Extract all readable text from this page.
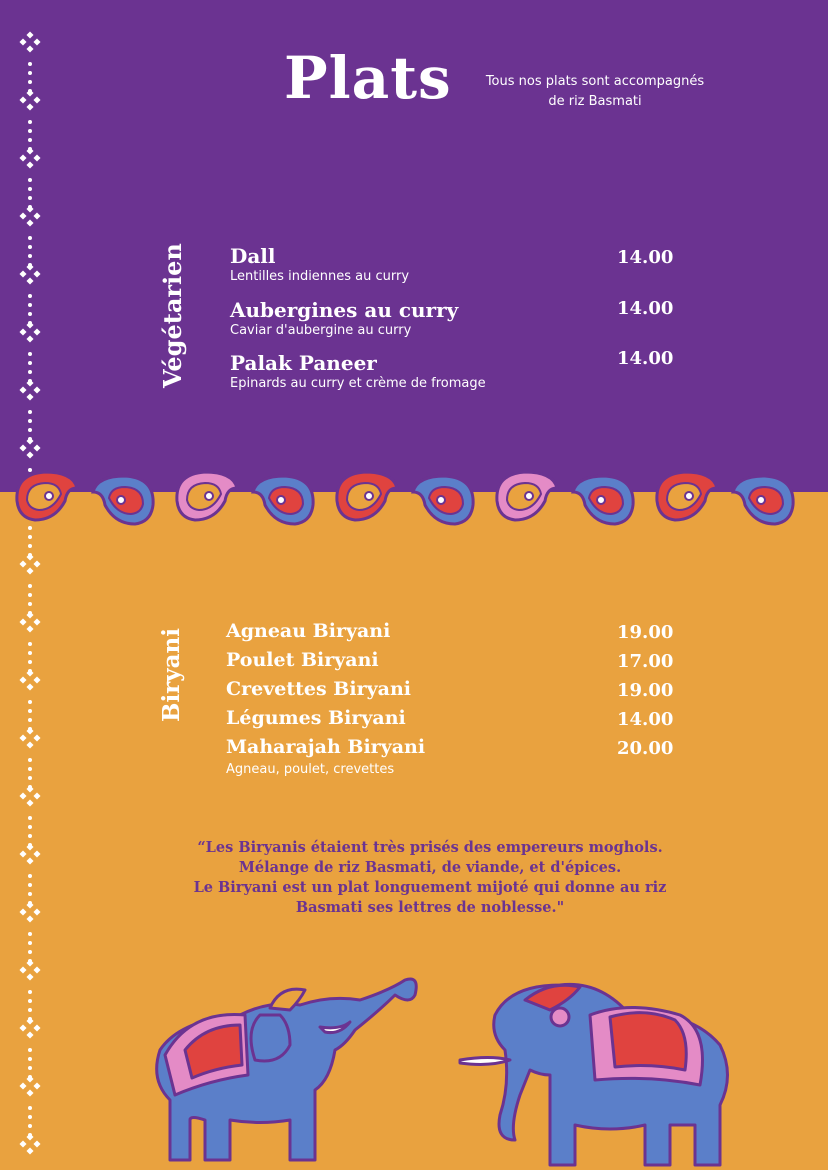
Plats	Tous nos plats sont accompagnés
de riz Basmati
Végétarien Dall
Lentilles indiennes au curry
14.00
Aubergines au curry
Caviar d'aubergine au curry
14.00
Palak Paneer
Epinards au curry et crème de fromage
14.00
Biryani Agneau Biryani	19.00
Poulet Biryani	17.00
Crevettes Biryani	19.00
Légumes Biryani	14.00
Maharajah Biryani	20.00
Agneau, poulet, crevettes
“Les Biryanis étaient très prisés des empereurs moghols.
Mélange de riz Basmati, de viande, et d'épices.
Le Biryani est un plat longuement mijoté qui donne au riz
Basmati ses lettres de noblesse."
